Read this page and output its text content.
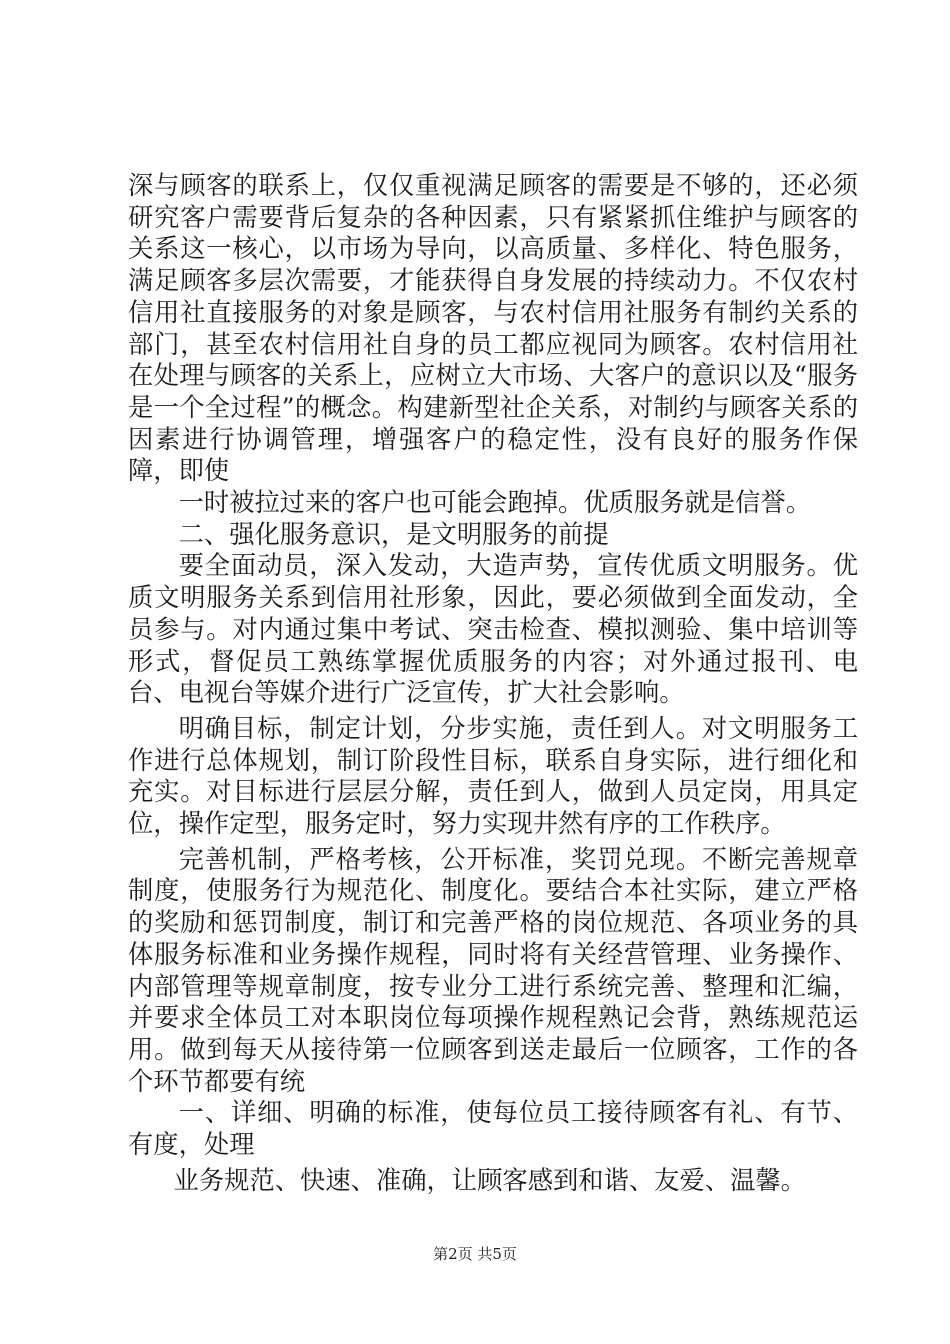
深与顾客的联系上，仅仅重视满足顾客的需要是不够的，还必须研究客户需要背后复杂的各种因素，只有紧紧抓住维护与顾客的关系这一核心，以市场为导向，以高质量、多样化、特色服务，满足顾客多层次需要，才能获得自身发展的持续动力。不仅农村信用社直接服务的对象是顾客，与农村信用社服务有制约关系的部门，甚至农村信用社自身的员工都应视同为顾客。农村信用社在处理与顾客的关系上，应树立大市场、大客户的意识以及“服务是一个全过程”的概念。构建新型社企关系，对制约与顾客关系的因素进行协调管理，增强客户的稳定性，没有良好的服务作保障，即使

一时被拉过来的客户也可能会跑掉。优质服务就是信誉。

二、强化服务意识，是文明服务的前提

要全面动员，深入发动，大造声势，宣传优质文明服务。优质文明服务关系到信用社形象，因此，要必须做到全面发动，全员参与。对内通过集中考试、突击检查、模拟测验、集中培训等形式，督促员工熟练掌握优质服务的内容；对外通过报刊、电台、电视台等媒介进行广泛宣传，扩大社会影响。

明确目标，制定计划，分步实施，责任到人。对文明服务工作进行总体规划，制订阶段性目标，联系自身实际，进行细化和充实。对目标进行层层分解，责任到人，做到人员定岗，用具定位，操作定型，服务定时，努力实现井然有序的工作秩序。

完善机制，严格考核，公开标准，奖罚兑现。不断完善规章制度，使服务行为规范化、制度化。要结合本社实际，建立严格的奖励和惩罚制度，制订和完善严格的岗位规范、各项业务的具体服务标准和业务操作规程，同时将有关经营管理、业务操作、内部管理等规章制度，按专业分工进行系统完善、整理和汇编，并要求全体员工对本职岗位每项操作规程熟记会背，熟练规范运用。做到每天从接待第一位顾客到送走最后一位顾客，工作的各个环节都要有统

一、详细、明确的标准，使每位员工接待顾客有礼、有节、有度，处理

业务规范、快速、准确，让顾客感到和谐、友爱、温馨。

第2页 共5页
